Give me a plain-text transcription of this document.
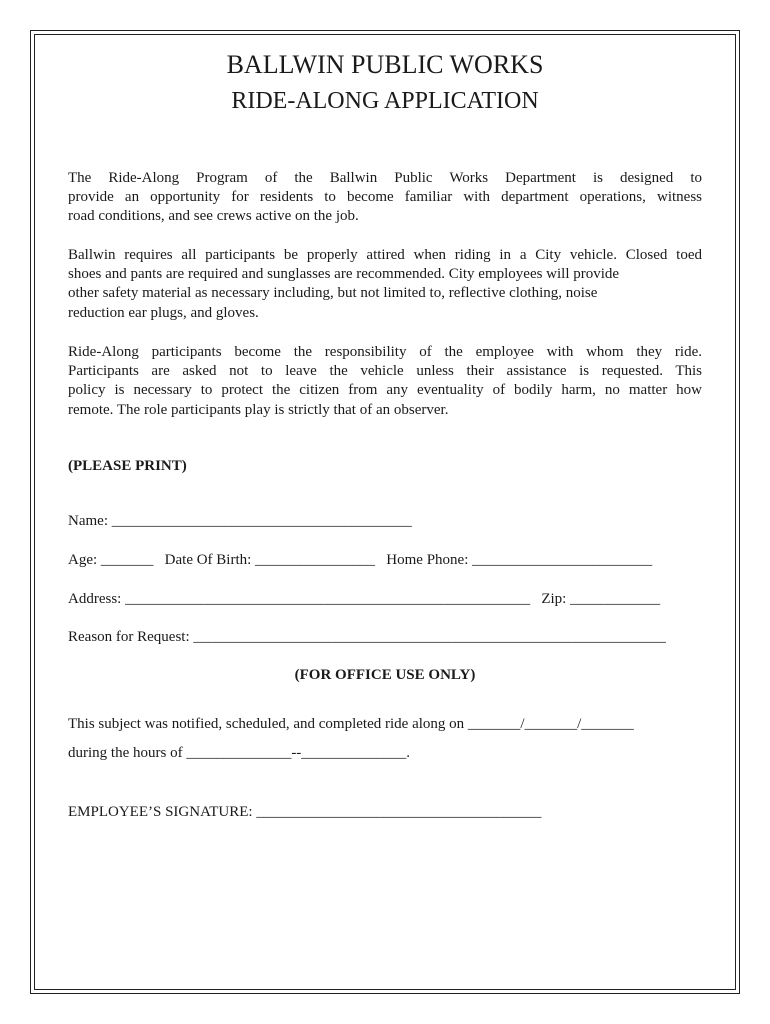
BALLWIN PUBLIC WORKS
RIDE-ALONG APPLICATION

The Ride-Along Program of the Ballwin Public Works Department is designed to
provide an opportunity for residents to become familiar with department operations, witness
road conditions, and see crews active on the job.

Ballwin requires all participants be properly attired when riding in a City vehicle. Closed toed
shoes and pants are required and sunglasses are recommended. City employees will provide
other safety material as necessary including, but not limited to, reflective clothing, noise
reduction ear plugs, and gloves.

Ride-Along participants become the responsibility of the employee with whom they ride.
Participants are asked not to leave the vehicle unless their assistance is requested. This
policy is necessary to protect the citizen from any eventuality of bodily harm, no matter how
remote. The role participants play is strictly that of an observer.

(PLEASE PRINT)

Name: ________________________________________

Age: _______   Date Of Birth: ________________   Home Phone: ________________________

Address: ______________________________________________________   Zip: ____________

Reason for Request: _______________________________________________________________

(FOR OFFICE USE ONLY)

This subject was notified, scheduled, and completed ride along on _______/_______/_______

during the hours of ______________--______________.

EMPLOYEE’S SIGNATURE: ______________________________________
